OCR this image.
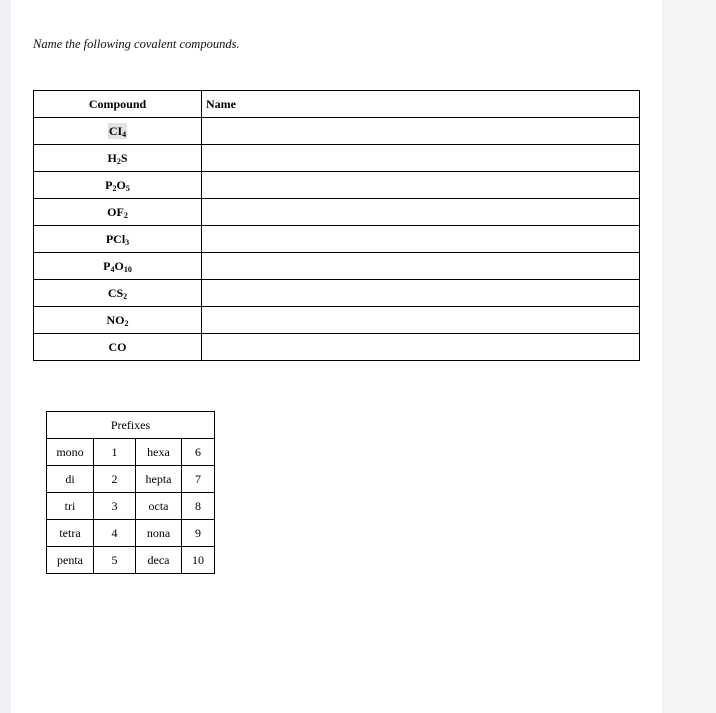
Name the following covalent compounds.
Compound	Name
$CI_4$	
$H_2S$	
$P_2O_5$	
$OF_2$	
PCl$_3$	
$P_4O_{10}$	
$CS_2$	
$NO_2$	
CO	
Prefixes			
mono	1	hexa	6
di	2	hepta	7
tri	3	octa	8
tetra	4	nona	9
penta	5	deca	10
